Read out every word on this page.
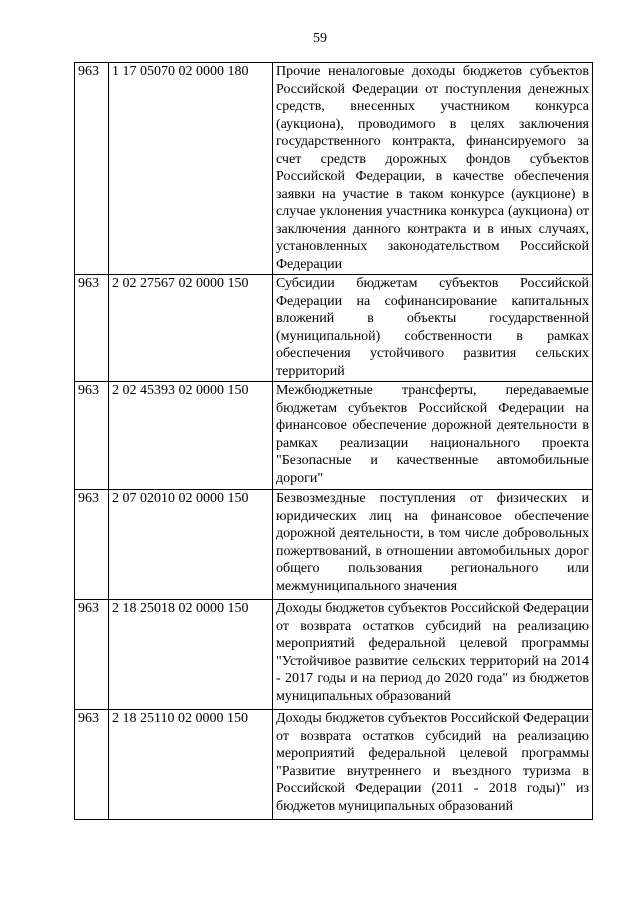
59
963	1 17 05070 02 0000 180	Прочие неналоговые доходы бюджетов субъектов Российской Федерации от поступления денежных средств, внесенных участником конкурса (аукциона), проводимого в целях заключения государственного контракта, финансируемого за счет средств дорожных фондов субъектов Российской Федерации, в качестве обеспечения заявки на участие в таком конкурсе (аукционе) в случае уклонения участника конкурса (аукциона) от заключения данного контракта и в иных случаях, установленных законодательством Российской Федерации
963	2 02 27567 02 0000 150	Субсидии бюджетам субъектов Российской Федерации на софинансирование капитальных вложений в объекты государственной (муниципальной) собственности в рамках обеспечения устойчивого развития сельских территорий
963	2 02 45393 02 0000 150	Межбюджетные трансферты, передаваемые бюджетам субъектов Российской Федерации на финансовое обеспечение дорожной деятельности в рамках реализации национального проекта "Безопасные и качественные автомобильные дороги"
963	2 07 02010 02 0000 150	Безвозмездные поступления от физических и юридических лиц на финансовое обеспечение дорожной деятельности, в том числе добровольных пожертвований, в отношении автомобильных дорог общего пользования регионального или межмуниципального значения
963	2 18 25018 02 0000 150	Доходы бюджетов субъектов Российской Федерации от возврата остатков субсидий на реализацию мероприятий федеральной целевой программы "Устойчивое развитие сельских территорий на 2014 - 2017 годы и на период до 2020 года" из бюджетов муниципальных образований
963	2 18 25110 02 0000 150	Доходы бюджетов субъектов Российской Федерации от возврата остатков субсидий на реализацию мероприятий федеральной целевой программы "Развитие внутреннего и въездного туризма в Российской Федерации (2011 - 2018 годы)" из бюджетов муниципальных образований
